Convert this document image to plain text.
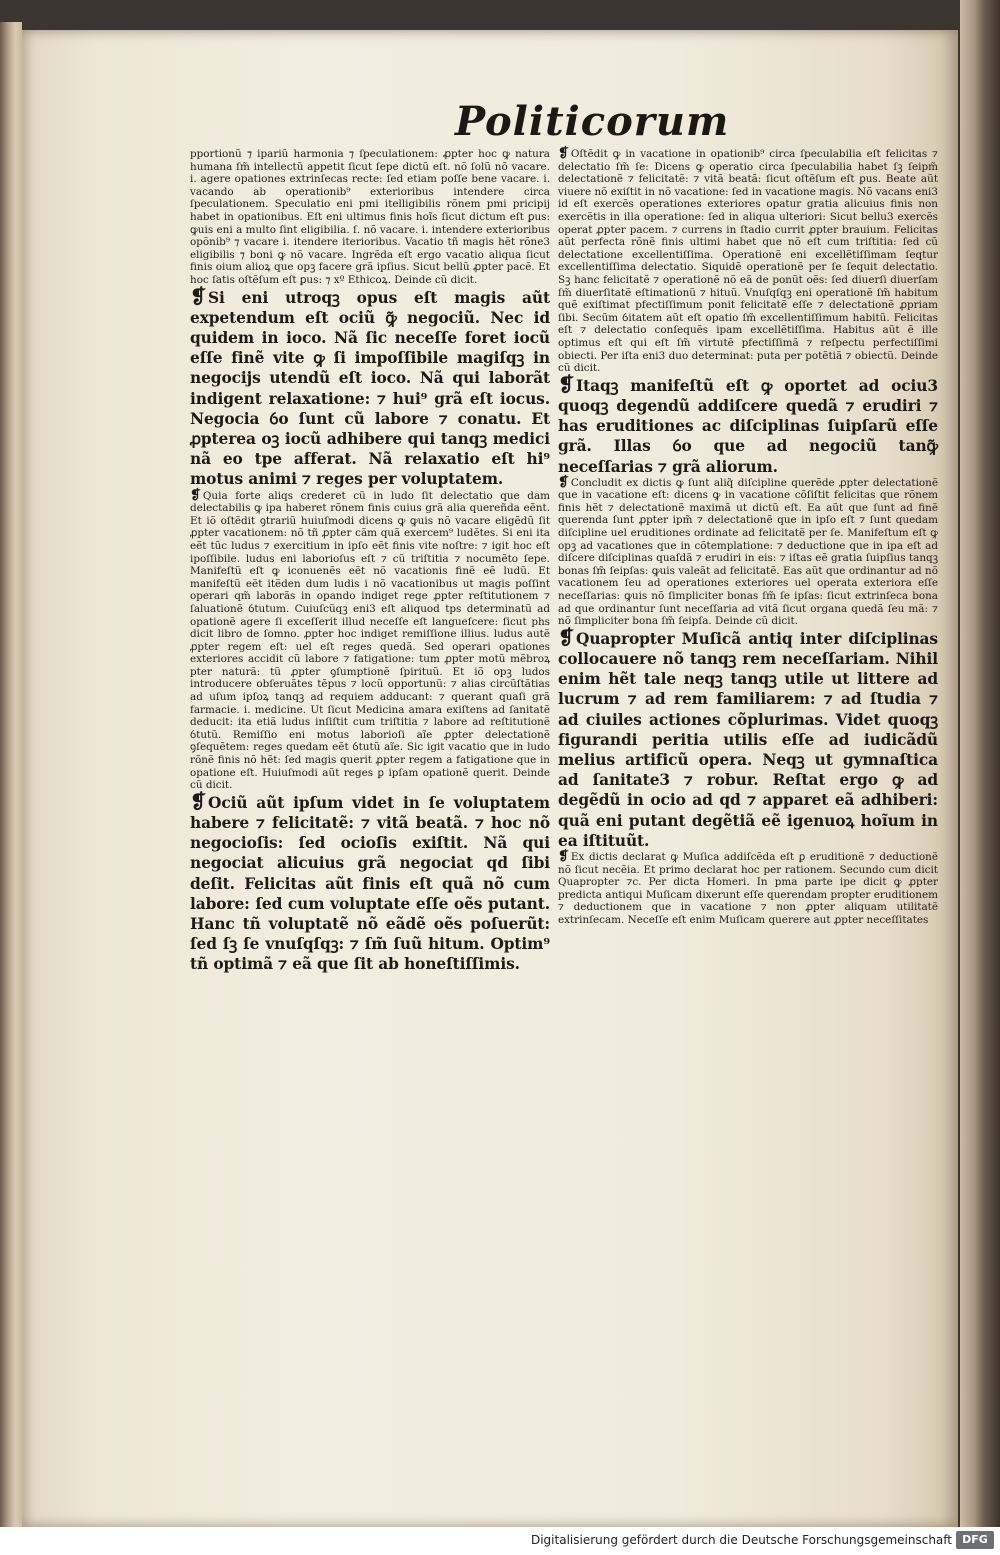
Politicorum

pportionũ ⁊ ipariũ harmonia ⁊ ſpeculationem: ꝓpter hoc ꝙ natura humana ſm̃ intellectũ appetit ſicut ſepe dictũ eſt. nõ ſolũ nõ vacare. i. agere opationes extrinſecas recte: ſed etiam poſſe bene vacare. i. vacando ab operationib⁹ exterioribus intendere circa ſpeculationem. Speculatio eni pmi itelligibilis rõnem pmi pricipij habet in opationibus. Eſt eni ultimus finis hoĩs ſicut dictum eſt ꝑus: ꝙuis eni a multo ſint eligibilia. ſ. nõ vacare. i. intendere exterioribus opõnib⁹ ⁊ vacare i. itendere iterioribus. Vacatio tñ magis hẽt rõne3 eligibilis ⁊ boni ꝙ nõ vacare. Ingrẽda eſt ergo vacatio aliqua ſicut finis oium alioꝝ que opꝫ facere grã ipſius. Sicut bellũ ꝓpter pacẽ. Et hoc ſatis oſtẽſum eſt ꝑus: ⁊ xº Ethicoꝝ. Deinde cũ dicit.

❡ Si eni utroqꝫ opus eſt magis aũt expetendum eſt ociũ ꝙ̃ negociũ. Nec id quidem in ioco. Nã ſic neceſſe foret iocũ eſſe finẽ vite ꝙ ſi impoſſibile magiſqꝫ in negocijs utendũ eſt ioco. Nã qui laborãt indigent relaxatione: ⁊ hui⁹ grã eſt iocus. Negocia ỽo ſunt cũ labore ⁊ conatu. Et ꝓpterea oꝫ iocũ adhibere qui tanqꝫ medici nã eo tpe afferat. Nã relaxatio eſt hi⁹ motus animi ⁊ reges per voluptatem.

❡ Quia forte aliqs crederet cũ in ludo ſit delectatio que dam delectabilis ꝙ ipa haberet rõnem finis cuius grã alia quereñda eẽnt. Et iõ oſtẽdit ꝯtrariũ huiuſmodi dicens ꝙ ꝙuis nõ vacare eligẽdũ ſit ꝓpter vacationem: nõ tñ ꝓpter cãm quã exercem⁹ ludẽtes. Si eni ita eẽt tũc ludus ⁊ exercitium in ipſo eẽt finis vite noſtre: ⁊ igit hoc eſt ipoſſibile. ludus eni laborioſus eſt ⁊ cũ triſtitia ⁊ nocumẽto ſepe. Manifeſtũ eſt ꝙ iconuenẽs eẽt nõ vacationis finẽ eẽ ludũ. Et manifeſtũ eẽt itẽden dum ludis i nõ vacationibus ut magis poſſint operari qm̃ laborãs in opando indiget rege ꝓpter reſtitutionem ⁊ ſaluationẽ ỽtutum. Cuiuſcũqꝫ eni3 eſt aliquod tps determinatũ ad opationẽ agere ſi exceſſerit illud neceſſe eſt langueſcere: ſicut phs dicit libro de ſomno. ꝓpter hoc indiget remiſſione illius. ludus autẽ ꝓpter regem eſt: uel eſt reges quedã. Sed operari opationes exteriores accidit cũ labore ⁊ fatigatione: tum ꝓpter motũ mẽbroꝝ pter naturã: tũ ꝓpter ꝯſumptionẽ ſpirituũ. Et iõ opꝫ ludos introducere obſeruãtes tẽpus ⁊ locũ opportunũ: ⁊ alias circũſtãtias ad uſum ipſoꝝ tanqꝫ ad requiem adducant: ⁊ querant quaſi grã farmacie. i. medicine. Ut ſicut Medicina amara exiſtens ad ſanitatẽ deducit: ita etiã ludus inſiſtit cum triſtitia ⁊ labore ad reſtitutionẽ ỽtutũ. Remiſſio eni motus laborioſi aĩe ꝓpter delectationẽ ꝯſequẽtem: reges quedam eẽt ỽtutũ aĩe. Sic igit vacatio que in ludo rõnẽ finis nõ hẽt: ſed magis querit ꝓpter regem a fatigatione que in opatione eſt. Huiuſmodi aũt reges ꝑ ipſam opationẽ querit. Deinde cũ dicit.

❡ Ociũ aũt ipſum videt in ſe voluptatem habere ⁊ felicitatẽ: ⁊ vitã beatã. ⁊ hoc nõ negocioſis: ſed ocioſis exiſtit. Nã qui negociat alicuius grã negociat qd ſibi deſit. Felicitas aũt finis eſt quã nõ cum labore: ſed cum voluptate eſſe oẽs putant. Hanc tñ voluptatẽ nõ eãdẽ oẽs poſuerũt: ſed ſꝫ ſe vnuſqſqꝫ: ⁊ ſm̃ ſuũ hitum. Optim⁹ tñ optimã ⁊ eã que ſit ab honeſtiſſimis.

❡ Oſtẽdit ꝙ in vacatione in opationib⁹ circa ſpeculabilia eſt felicitas ⁊ delectatio ſm̃ ſe: Dicens ꝙ operatio circa ſpeculabilia habet ſꝫ ſeipm̃ delectationẽ ⁊ felicitatẽ: ⁊ vitã beatã: ſicut oſtẽſum eſt ꝑus. Beate aũt viuere nõ exiſtit in nõ vacatione: ſed in vacatione magis. Nõ vacans eni3 id eſt exercẽs operationes exteriores opatur gratia alicuius finis non exercẽtis in illa operatione: ſed in aliqua ulteriori: Sicut bellu3 exercẽs operat ꝓpter pacem. ⁊ currens in ſtadio currit ꝓpter brauium. Felicitas aũt perfecta rõnẽ finis ultimi habet que nõ eſt cum triſtitia: ſed cũ delectatione excellentiſſima. Operationẽ eni excellẽtiſſimam ſeqtur excellentiſſima delectatio. Siquidẽ operationẽ per ſe ſequit delectatio. Sꝫ hanc felicitatẽ ⁊ operationẽ nõ eã de ponũt oẽs: ſed diuerſi diuerſam ſm̃ diuerſitatẽ eſtimationũ ⁊ hituũ. Vnuſqſqꝫ eni operationẽ ſm̃ habitum quẽ exiſtimat pfectiſſimum ponit felicitatẽ eſſe ⁊ delectationẽ ꝓpriam ſibi. Secũm ỽitatem aũt eſt opatio ſm̃ excellentiſſimum habitũ. Felicitas eſt ⁊ delectatio conſequẽs ipam excellẽtiſſima. Habitus aũt ẽ ille optimus eſt qui eſt ſm̃ virtutẽ pfectiſſimã ⁊ reſpectu perfectiſſimi obiecti. Per iſta eni3 duo determinat: puta per potẽtiã ⁊ obiectũ. Deinde cũ dicit.

❡ Itaqꝫ manifeſtũ eſt ꝙ oportet ad ociu3 quoqꝫ degendũ addiſcere quedã ⁊ erudiri ⁊ has eruditiones ac diſciplinas ſuipſarũ eſſe grã. Illas ỽo que ad negociũ tanꝙ̃ neceſſarias ⁊ grã aliorum.

❡ Concludit ex dictis ꝙ ſunt aliq̃ diſcipline querẽde ꝓpter delectationẽ que in vacatione eſt: dicens ꝙ in vacatione cõſiſtit felicitas que rõnem finis hẽt ⁊ delectationẽ maximã ut dictũ eſt. Ea aũt que ſunt ad finẽ querenda ſunt ꝓpter ipm̃ ⁊ delectationẽ que in ipſo eſt ⁊ ſunt quedam diſcipline uel eruditiones ordinate ad felicitatẽ per ſe. Manifeſtum eſt ꝙ opꝫ ad vacationes que in cõtemplatione: ⁊ deductione que in ipa eſt ad diſcere diſciplinas quaſdã ⁊ erudiri in eis: ⁊ iſtas eẽ gratia ſuipſius tanqꝫ bonas ſm̃ ſeipſas: ꝙuis valeãt ad felicitatẽ. Eas aũt que ordinantur ad nõ vacationem ſeu ad operationes exteriores uel operata exteriora eſſe neceſſarias: ꝙuis nõ ſimpliciter bonas ſm̃ ſe ipſas: ſicut extrinſeca bona ad que ordinantur ſunt neceſſaria ad vitã ſicut organa quedã ſeu mã: ⁊ nõ ſimpliciter bona ſm̃ ſeipſa. Deinde cũ dicit.

❡ Quapropter Muſicã antiq inter diſciplinas collocauere nõ tanqꝫ rem neceſſariam. Nihil enim hẽt tale neqꝫ tanqꝫ utile ut littere ad lucrum ⁊ ad rem familiarem: ⁊ ad ſtudia ⁊ ad ciuiles actiones cõplurimas. Videt quoqꝫ figurandi peritia utilis eſſe ad iudicãdũ melius artificũ opera. Neqꝫ ut gymnaſtica ad ſanitate3 ⁊ robur. Reſtat ergo ꝙ ad degẽdũ in ocio ad qd ⁊ apparet eã adhiberi: quã eni putant degẽtiã eẽ igenuoꝝ hoĩum in ea iſtituũt.

❡ Ex dictis declarat ꝙ Muſica addiſcẽda eſt ꝑ eruditionẽ ⁊ deductionẽ nõ ſicut necẽia. Et primo declarat hoc per rationem. Secundo cum dicit Quapropter ⁊c. Per dicta Homeri. In pma parte ipe dicit ꝙ ꝓpter predicta antiqui Muſicam dixerunt eſſe querendam propter eruditionem ⁊ deductionem que in vacatione ⁊ non ꝓpter aliquam utilitatẽ extrinſecam. Neceſſe eſt enim Muſicam querere aut ꝓpter neceſſitates

Digitalisierung gefördert durch die Deutsche Forschungsgemeinschaft DFG
